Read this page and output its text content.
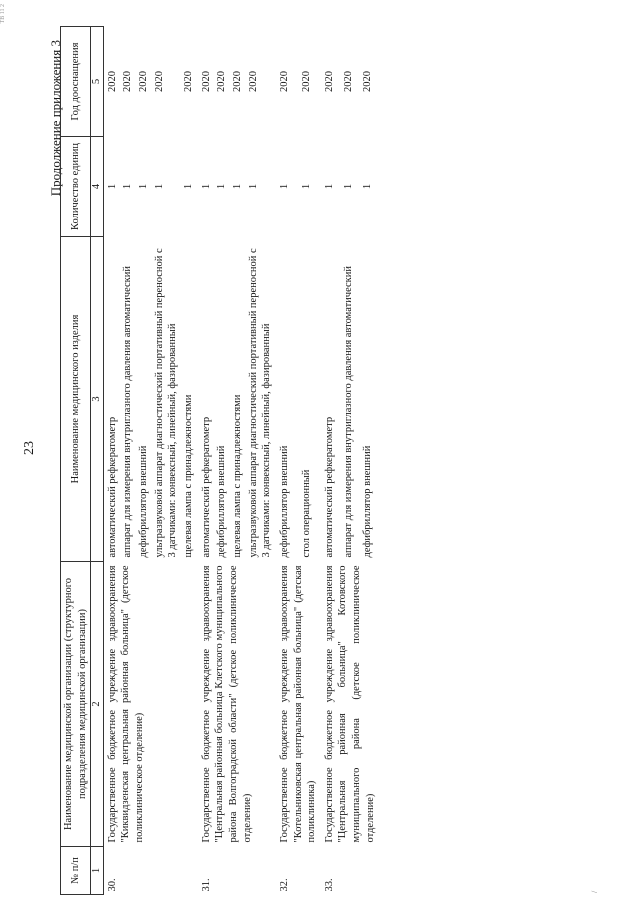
23
Продолжение приложения 3
ТВ 11 2
/
№ п/п	Наименование медицинской организации (структурного подразделения медицинской организации)	Наименование медицинского изделия	Количество единиц	Год дооснащения
1	2	3	4	5
30.	Государственное бюджетное учреждение здравоохранения "Киквидзенская центральная районная больница" (детское поликлиническое отделение)	автоматический рефкератометр	1	2020
		аппарат для измерения внутриглазного давления автоматический	1	2020
		дефибриллятор внешний	1	2020
		ультразвуковой аппарат диагностический портативный переносной с 3 датчиками: конвексный, линейный, фазированный	1	2020
		щелевая лампа с принадлежностями	1	2020
31.	Государственное бюджетное учреждение здравоохранения "Центральная районная больница Клетского муниципального района Волгоградской области" (детское поликлиническое отделение)	автоматический рефкератометр	1	2020
		дефибриллятор внешний	1	2020
		щелевая лампа с принадлежностями	1	2020
		ультразвуковой аппарат диагностический портативный переносной с 3 датчиками: конвексный, линейный, фазированный	1	2020
32.	Государственное бюджетное учреждение здравоохранения "Котельниковская центральная районная больница" (детская поликлиника)	дефибриллятор внешний	1	2020
		стол операционный	1	2020
33.	Государственное бюджетное учреждение здравоохранения "Центральная районная больница" Котовского муниципального района (детское поликлиническое отделение)	автоматический рефкератометр	1	2020
		аппарат для измерения внутриглазного давления автоматический	1	2020
		дефибриллятор внешний	1	2020
